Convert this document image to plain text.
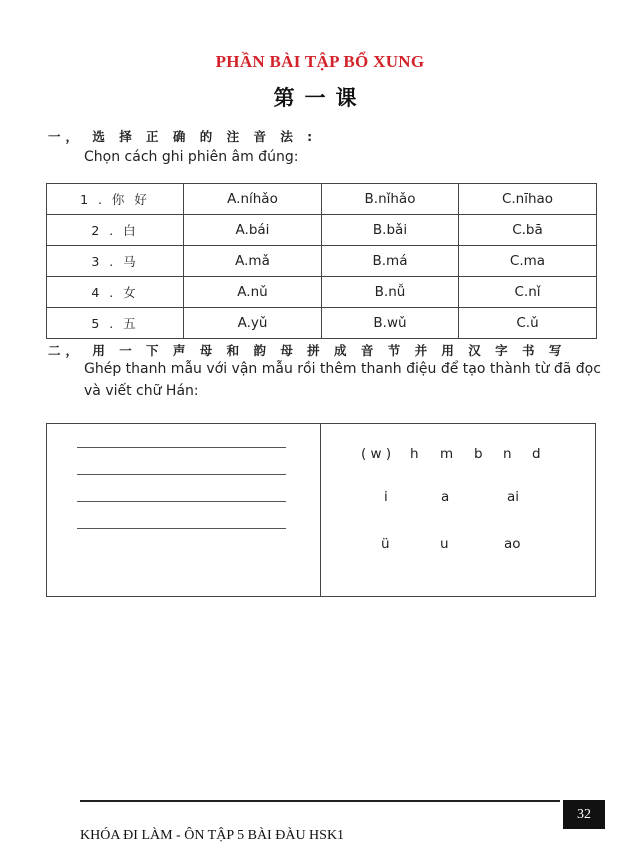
PHẦN BÀI TẬP BỔ XUNG
第一课
一， 选 择 正 确 的 注 音 法 :
Chọn cách ghi phiên âm đúng:
1 . 你 好	A.níhǎo	B.nǐhǎo	C.nīhao
2 . 白	A.bái	B.bǎi	C.bā
3 . 马	A.mǎ	B.má	C.ma
4 . 女	A.nǔ	B.nǚ	C.nǐ
5 . 五	A.yǔ	B.wǔ	C.ǔ
二， 用 一 下 声 母 和 韵 母 拼 成 音 节 并 用 汉 字 书 写
Ghép thanh mẫu với vận mẫu rồi thêm thanh điệu để tạo thành từ đã đọc và viết chữ Hán:
( w ) h m b n d
i	a	ai
ü	u	ao
32
KHÓA ĐI LÀM - ÔN TẬP 5 BÀI ĐÀU HSK1
